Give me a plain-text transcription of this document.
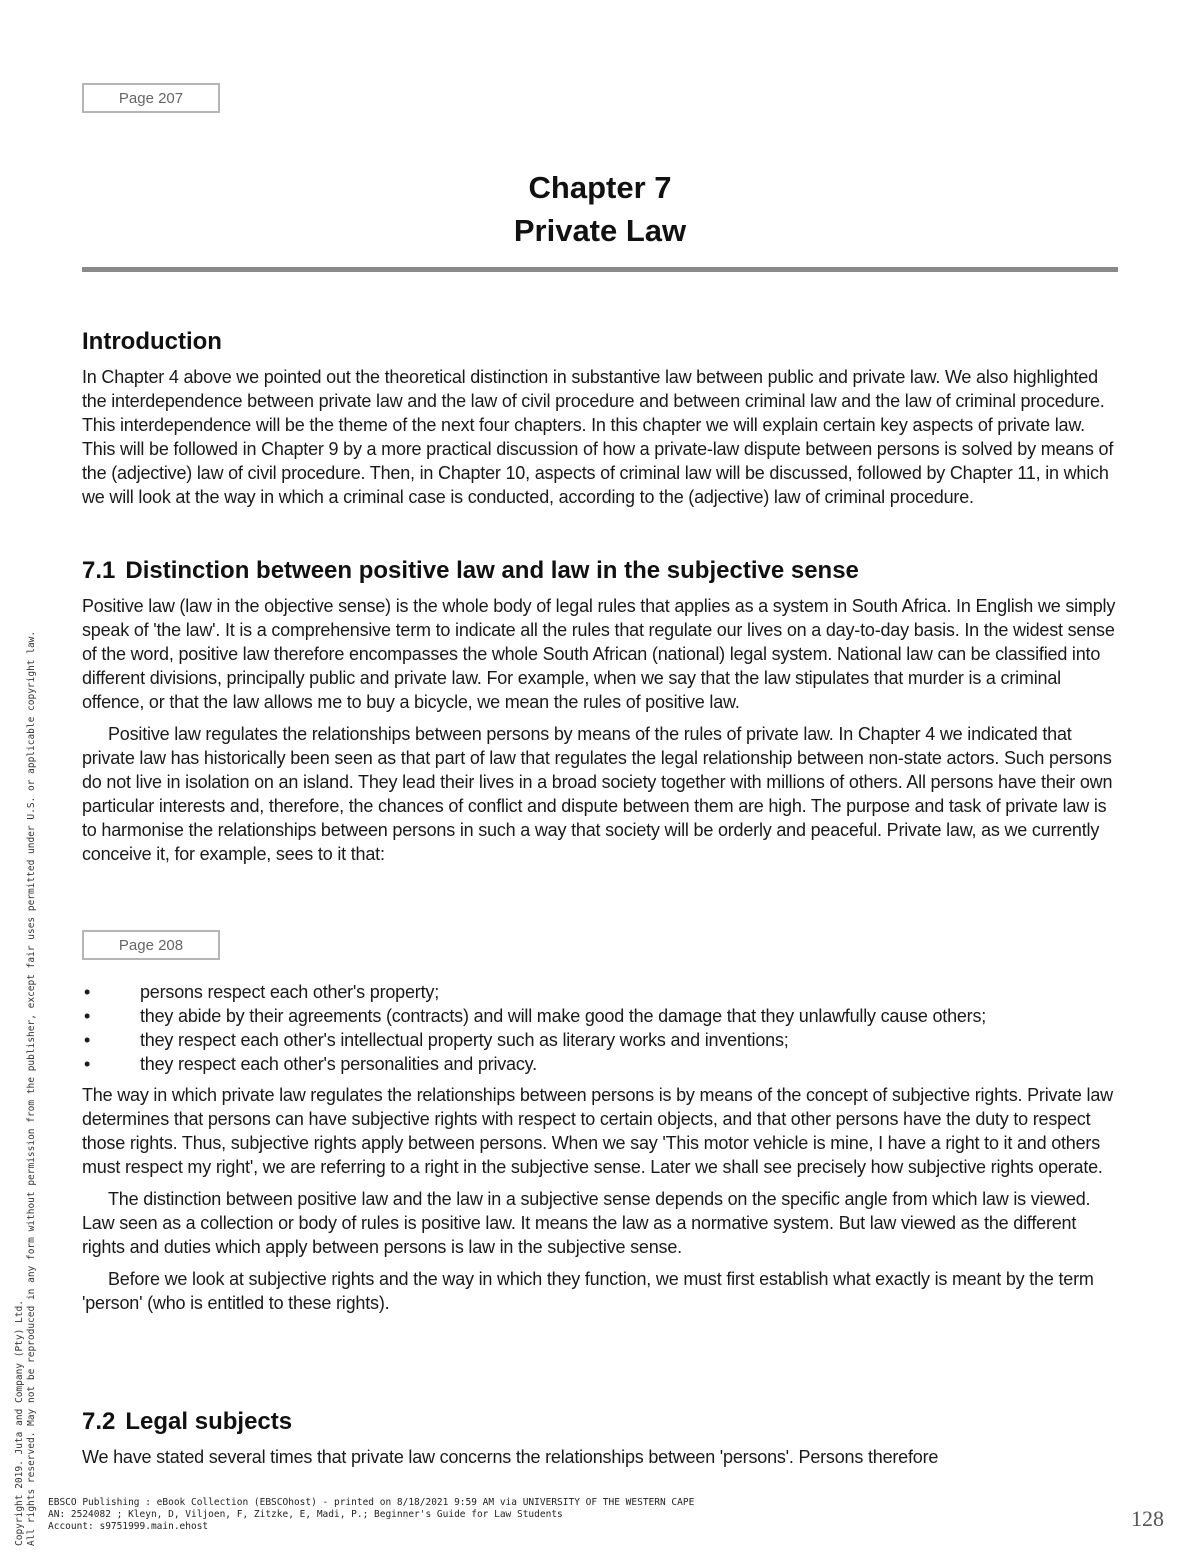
Page 207
Chapter 7
Private Law
Introduction

In Chapter 4 above we pointed out the theoretical distinction in substantive law between public and private law. We also highlighted the interdependence between private law and the law of civil procedure and between criminal law and the law of criminal procedure. This interdependence will be the theme of the next four chapters. In this chapter we will explain certain key aspects of private law. This will be followed in Chapter 9 by a more practical discussion of how a private-law dispute between persons is solved by means of the (adjective) law of civil procedure. Then, in Chapter 10, aspects of criminal law will be discussed, followed by Chapter 11, in which we will look at the way in which a criminal case is conducted, according to the (adjective) law of criminal procedure.

7.1 Distinction between positive law and law in the subjective sense

Positive law (law in the objective sense) is the whole body of legal rules that applies as a system in South Africa. In English we simply speak of 'the law'. It is a comprehensive term to indicate all the rules that regulate our lives on a day-to-day basis. In the widest sense of the word, positive law therefore encompasses the whole South African (national) legal system. National law can be classified into different divisions, principally public and private law. For example, when we say that the law stipulates that murder is a criminal offence, or that the law allows me to buy a bicycle, we mean the rules of positive law.

Positive law regulates the relationships between persons by means of the rules of private law. In Chapter 4 we indicated that private law has historically been seen as that part of law that regulates the legal relationship between non-state actors. Such persons do not live in isolation on an island. They lead their lives in a broad society together with millions of others. All persons have their own particular interests and, therefore, the chances of conflict and dispute between them are high. The purpose and task of private law is to harmonise the relationships between persons in such a way that society will be orderly and peaceful. Private law, as we currently conceive it, for example, sees to it that:

Page 208
•	persons respect each other's property;
•	they abide by their agreements (contracts) and will make good the damage that they unlawfully cause others;
•	they respect each other's intellectual property such as literary works and inventions;
•	they respect each other's personalities and privacy.

The way in which private law regulates the relationships between persons is by means of the concept of subjective rights. Private law determines that persons can have subjective rights with respect to certain objects, and that other persons have the duty to respect those rights. Thus, subjective rights apply between persons. When we say 'This motor vehicle is mine, I have a right to it and others must respect my right', we are referring to a right in the subjective sense. Later we shall see precisely how subjective rights operate.

The distinction between positive law and the law in a subjective sense depends on the specific angle from which law is viewed. Law seen as a collection or body of rules is positive law. It means the law as a normative system. But law viewed as the different rights and duties which apply between persons is law in the subjective sense.

Before we look at subjective rights and the way in which they function, we must first establish what exactly is meant by the term 'person' (who is entitled to these rights).

7.2 Legal subjects

We have stated several times that private law concerns the relationships between 'persons'. Persons therefore

Copyright 2019. Juta and Company (Pty) Ltd. All rights reserved. May not be reproduced in any form without permission from the publisher, except fair uses permitted under U.S. or applicable copyright law. EBSCO Publishing : eBook Collection (EBSCOhost) - printed on 8/18/2021 9:59 AM via UNIVERSITY OF THE WESTERN CAPE
AN: 2524082 ; Kleyn, D, Viljoen, F, Zitzke, E, Madi, P.; Beginner's Guide for Law Students
Account: s9751999.main.ehost	128
